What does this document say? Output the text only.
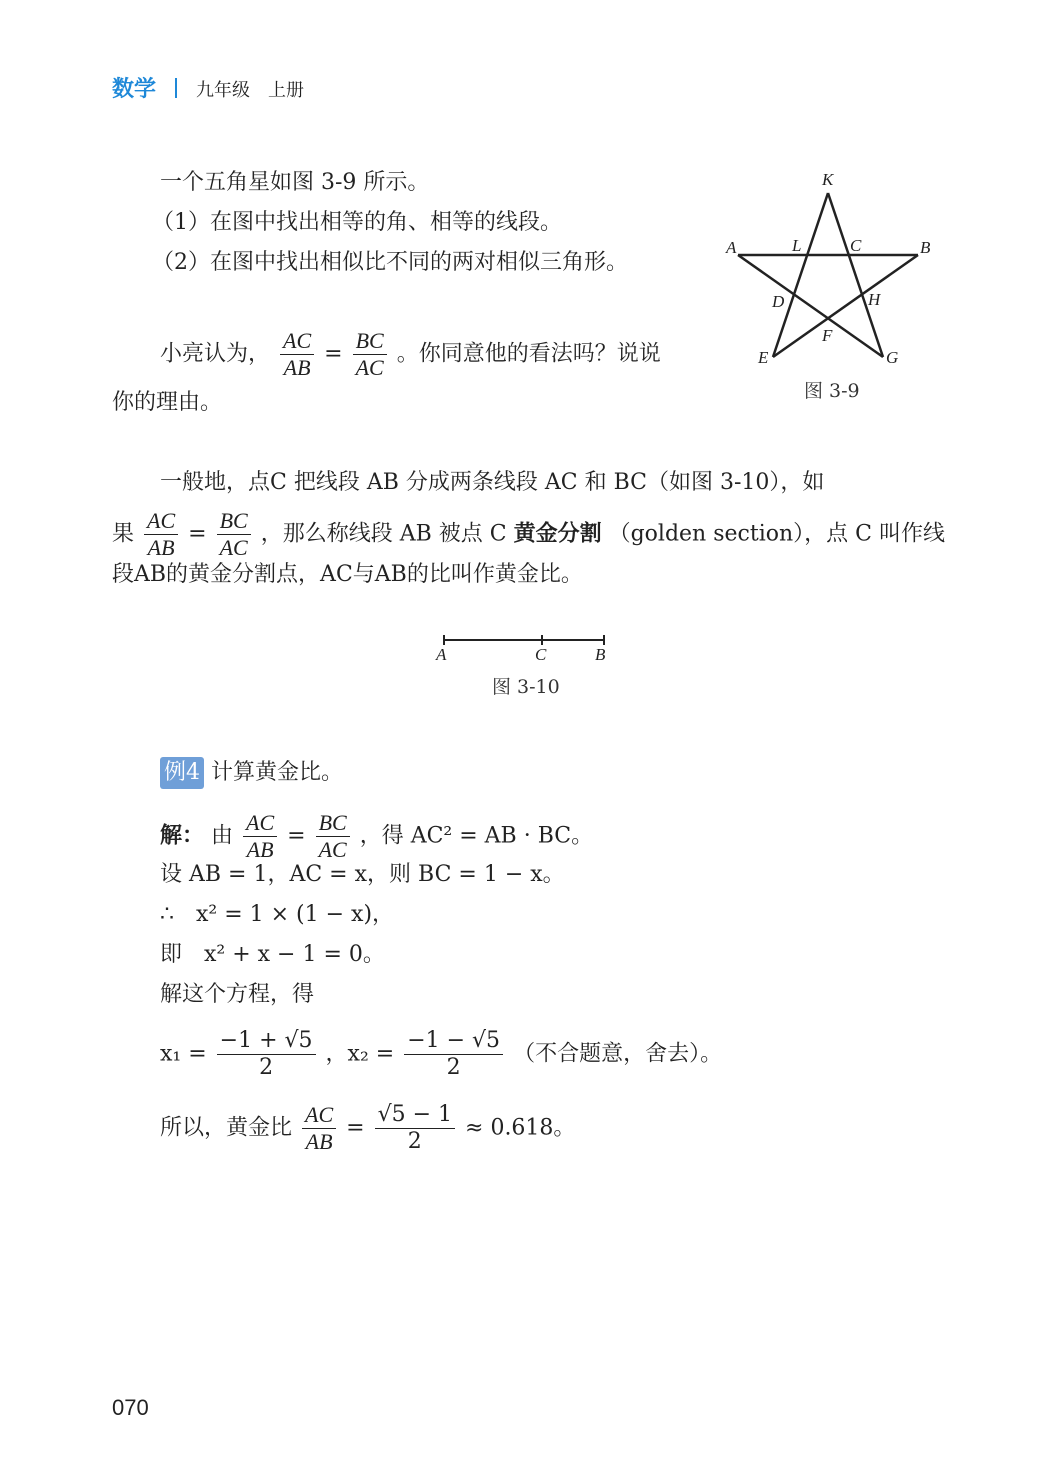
数学 九年级　上册
一个五角星如图 3-9 所示。
（1）在图中找出相等的角、相等的线段。
（2）在图中找出相似比不同的两对相似三角形。
小亮认为， $\frac{AC}{AB} = \frac{BC}{AC}$ 。你同意他的看法吗？说说
你的理由。
K
A	L	C	B
D	H
F
E	G
图 3-9
一般地，点C 把线段 AB 分成两条线段 AC 和 BC（如图 3-10），如
果 $\frac{AC}{AB} = \frac{BC}{AC}$ ，那么称线段 AB 被点 C 黄金分割 （golden section），点 C 叫作线
段AB的黄金分割点，AC与AB的比叫作黄金比。
A	C	B
图 3-10
例4 计算黄金比。
解： 由 $\frac{AC}{AB} = \frac{BC}{AC}$ ，得 AC² = AB · BC。
设 AB = 1，AC = x，则 BC = 1 − x。
∴　x² = 1 × (1 − x)，
即　x² + x − 1 = 0。
解这个方程，得
$x_1 = \frac{-1 + √5}{2}$ ，$x_2 = \frac{-1 - √5}{2}$ （不合题意，舍去）。
所以，黄金比 $\frac{AC}{AB} = \frac{√5 - 1}{2} \approx 0.618$。
070
